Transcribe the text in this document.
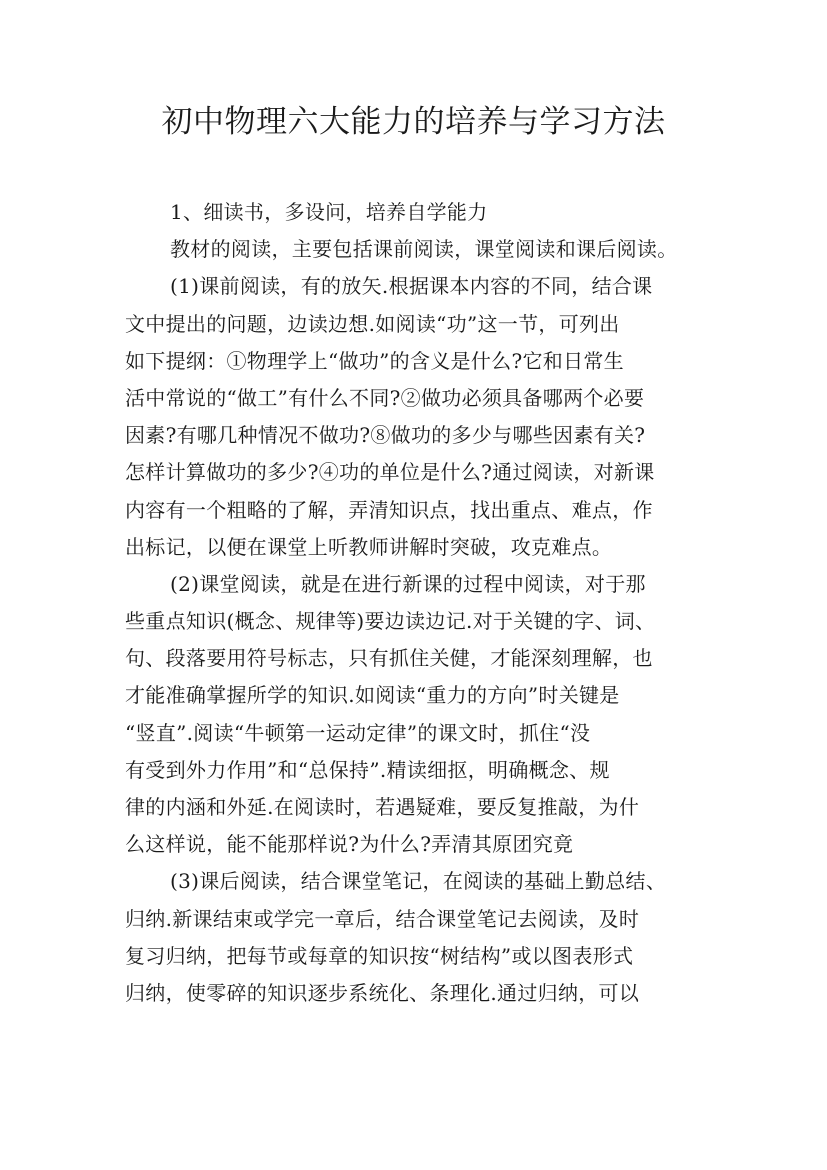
初中物理六大能力的培养与学习方法
1、细读书，多设问，培养自学能力
教材的阅读，主要包括课前阅读，课堂阅读和课后阅读。
(1)课前阅读，有的放矢.根据课本内容的不同，结合课
文中提出的问题，边读边想.如阅读“功”这一节，可列出
如下提纲：①物理学上“做功”的含义是什么?它和日常生
活中常说的“做工”有什么不同?②做功必须具备哪两个必要
因素?有哪几种情况不做功?⑧做功的多少与哪些因素有关?
怎样计算做功的多少?④功的单位是什么?通过阅读，对新课
内容有一个粗略的了解，弄清知识点，找出重点、难点，作
出标记，以便在课堂上听教师讲解时突破，攻克难点。
(2)课堂阅读，就是在进行新课的过程中阅读，对于那
些重点知识(概念、规律等)要边读边记.对于关键的字、词、
句、段落要用符号标志，只有抓住关健，才能深刻理解，也
才能准确掌握所学的知识.如阅读“重力的方向”时关键是
“竖直”.阅读“牛顿第一运动定律”的课文时，抓住“没
有受到外力作用”和“总保持”.精读细抠，明确概念、规
律的内涵和外延.在阅读时，若遇疑难，要反复推敲，为什
么这样说，能不能那样说?为什么?弄清其原团究竟
(3)课后阅读，结合课堂笔记，在阅读的基础上勤总结、
归纳.新课结束或学完一章后，结合课堂笔记去阅读，及时
复习归纳，把每节或每章的知识按“树结构”或以图表形式
归纳，使零碎的知识逐步系统化、条理化.通过归纳，可以
